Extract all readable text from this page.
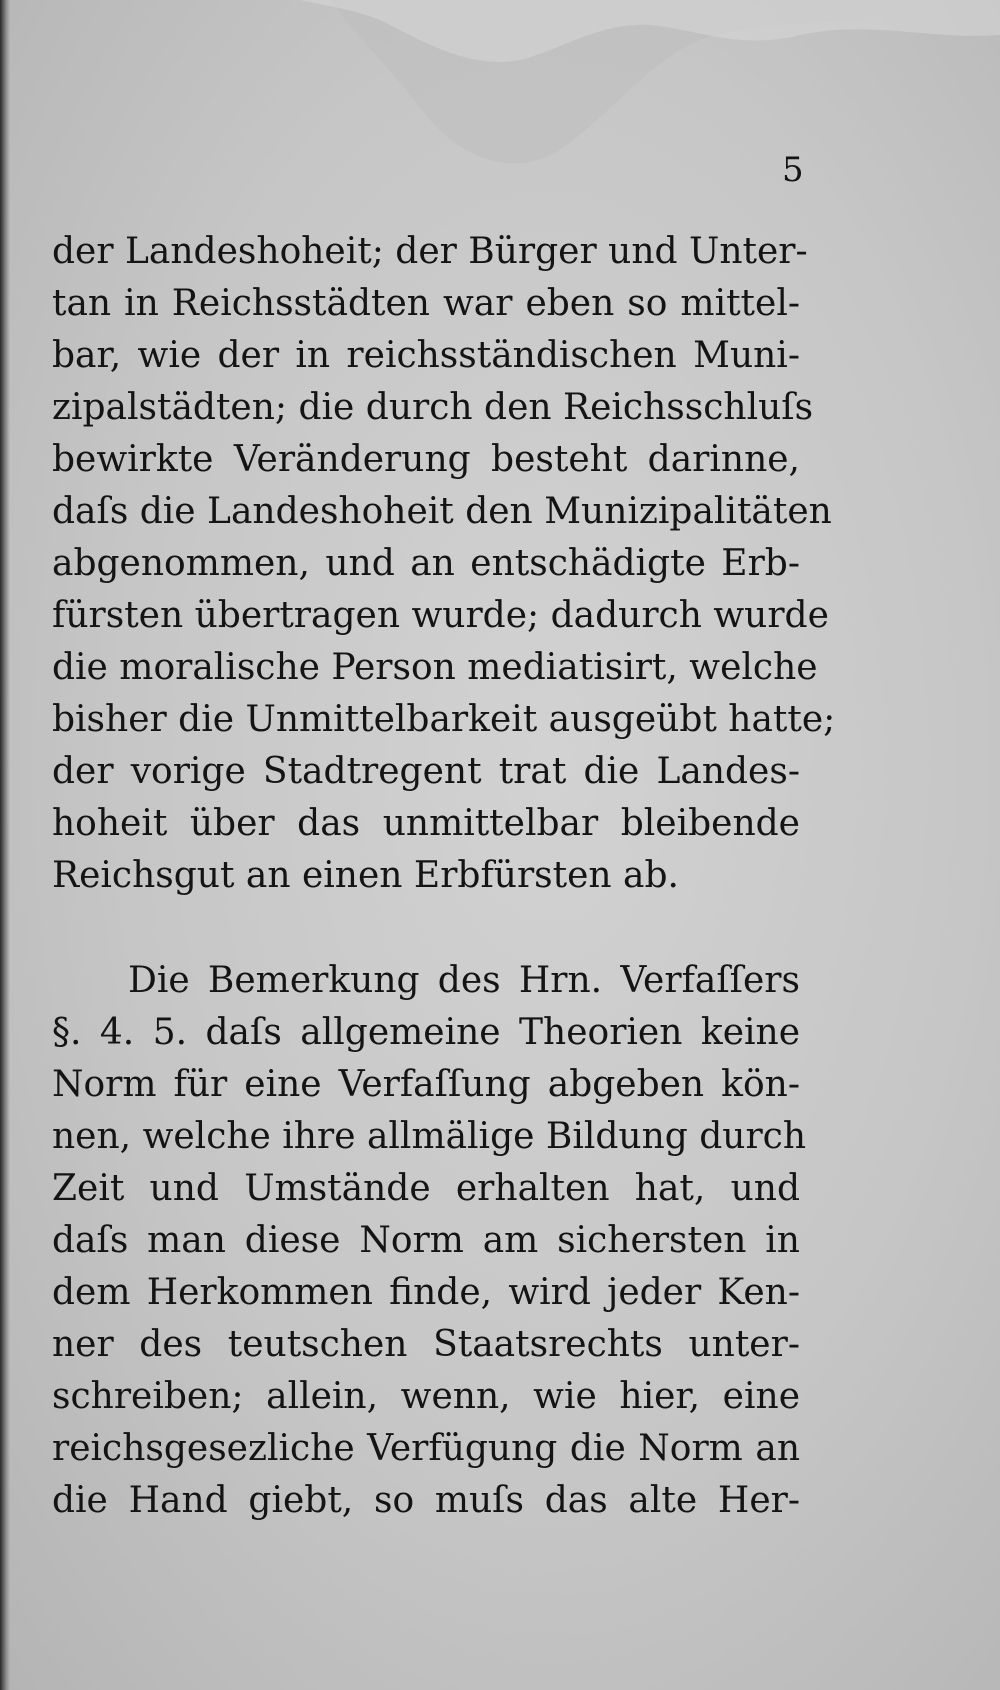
5
der Landeshoheit; der Bürger und Unter-
tan in Reichsstädten war eben so mittel-
bar, wie der in reichsständischen Muni-
zipalstädten; die durch den Reichsschluſs
bewirkte Veränderung besteht darinne,
daſs die Landeshoheit den Munizipalitäten
abgenommen, und an entschädigte Erb-
fürsten übertragen wurde; dadurch wurde
die moralische Person mediatisirt, welche
bisher die Unmittelbarkeit ausgeübt hatte;
der vorige Stadtregent trat die Landes-
hoheit über das unmittelbar bleibende
Reichsgut an einen Erbfürsten ab.
Die Bemerkung des Hrn. Verfaſſers
§. 4. 5. daſs allgemeine Theorien keine
Norm für eine Verfaſſung abgeben kön-
nen, welche ihre allmälige Bildung durch
Zeit und Umstände erhalten hat, und
daſs man diese Norm am sichersten in
dem Herkommen finde, wird jeder Ken-
ner des teutschen Staatsrechts unter-
schreiben; allein, wenn, wie hier, eine
reichsgesezliche Verfügung die Norm an
die Hand giebt, so muſs das alte Her-
